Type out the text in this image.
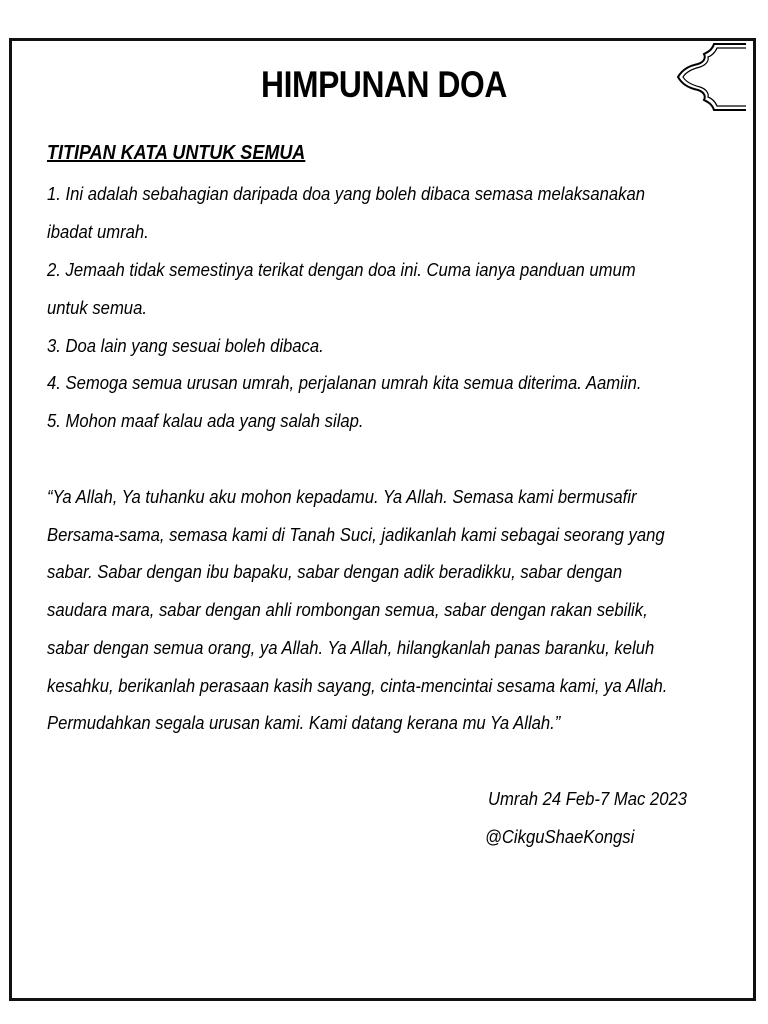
HIMPUNAN DOA
TITIPAN KATA UNTUK SEMUA
1. Ini adalah sebahagian daripada doa yang boleh dibaca semasa melaksanakan
ibadat umrah.
2. Jemaah tidak semestinya terikat dengan doa ini. Cuma ianya panduan umum
untuk semua.
3. Doa lain yang sesuai boleh dibaca.
4. Semoga semua urusan umrah, perjalanan umrah kita semua diterima. Aamiin.
5. Mohon maaf kalau ada yang salah silap.
“Ya Allah, Ya tuhanku aku mohon kepadamu. Ya Allah. Semasa kami bermusafir
Bersama-sama, semasa kami di Tanah Suci, jadikanlah kami sebagai seorang yang
sabar. Sabar dengan ibu bapaku, sabar dengan adik beradikku, sabar dengan
saudara mara, sabar dengan ahli rombongan semua, sabar dengan rakan sebilik,
sabar dengan semua orang, ya Allah. Ya Allah, hilangkanlah panas baranku, keluh
kesahku, berikanlah perasaan kasih sayang, cinta-mencintai sesama kami, ya Allah.
Permudahkan segala urusan kami. Kami datang kerana mu Ya Allah.”
Umrah 24 Feb-7 Mac 2023
@CikguShaeKongsi
